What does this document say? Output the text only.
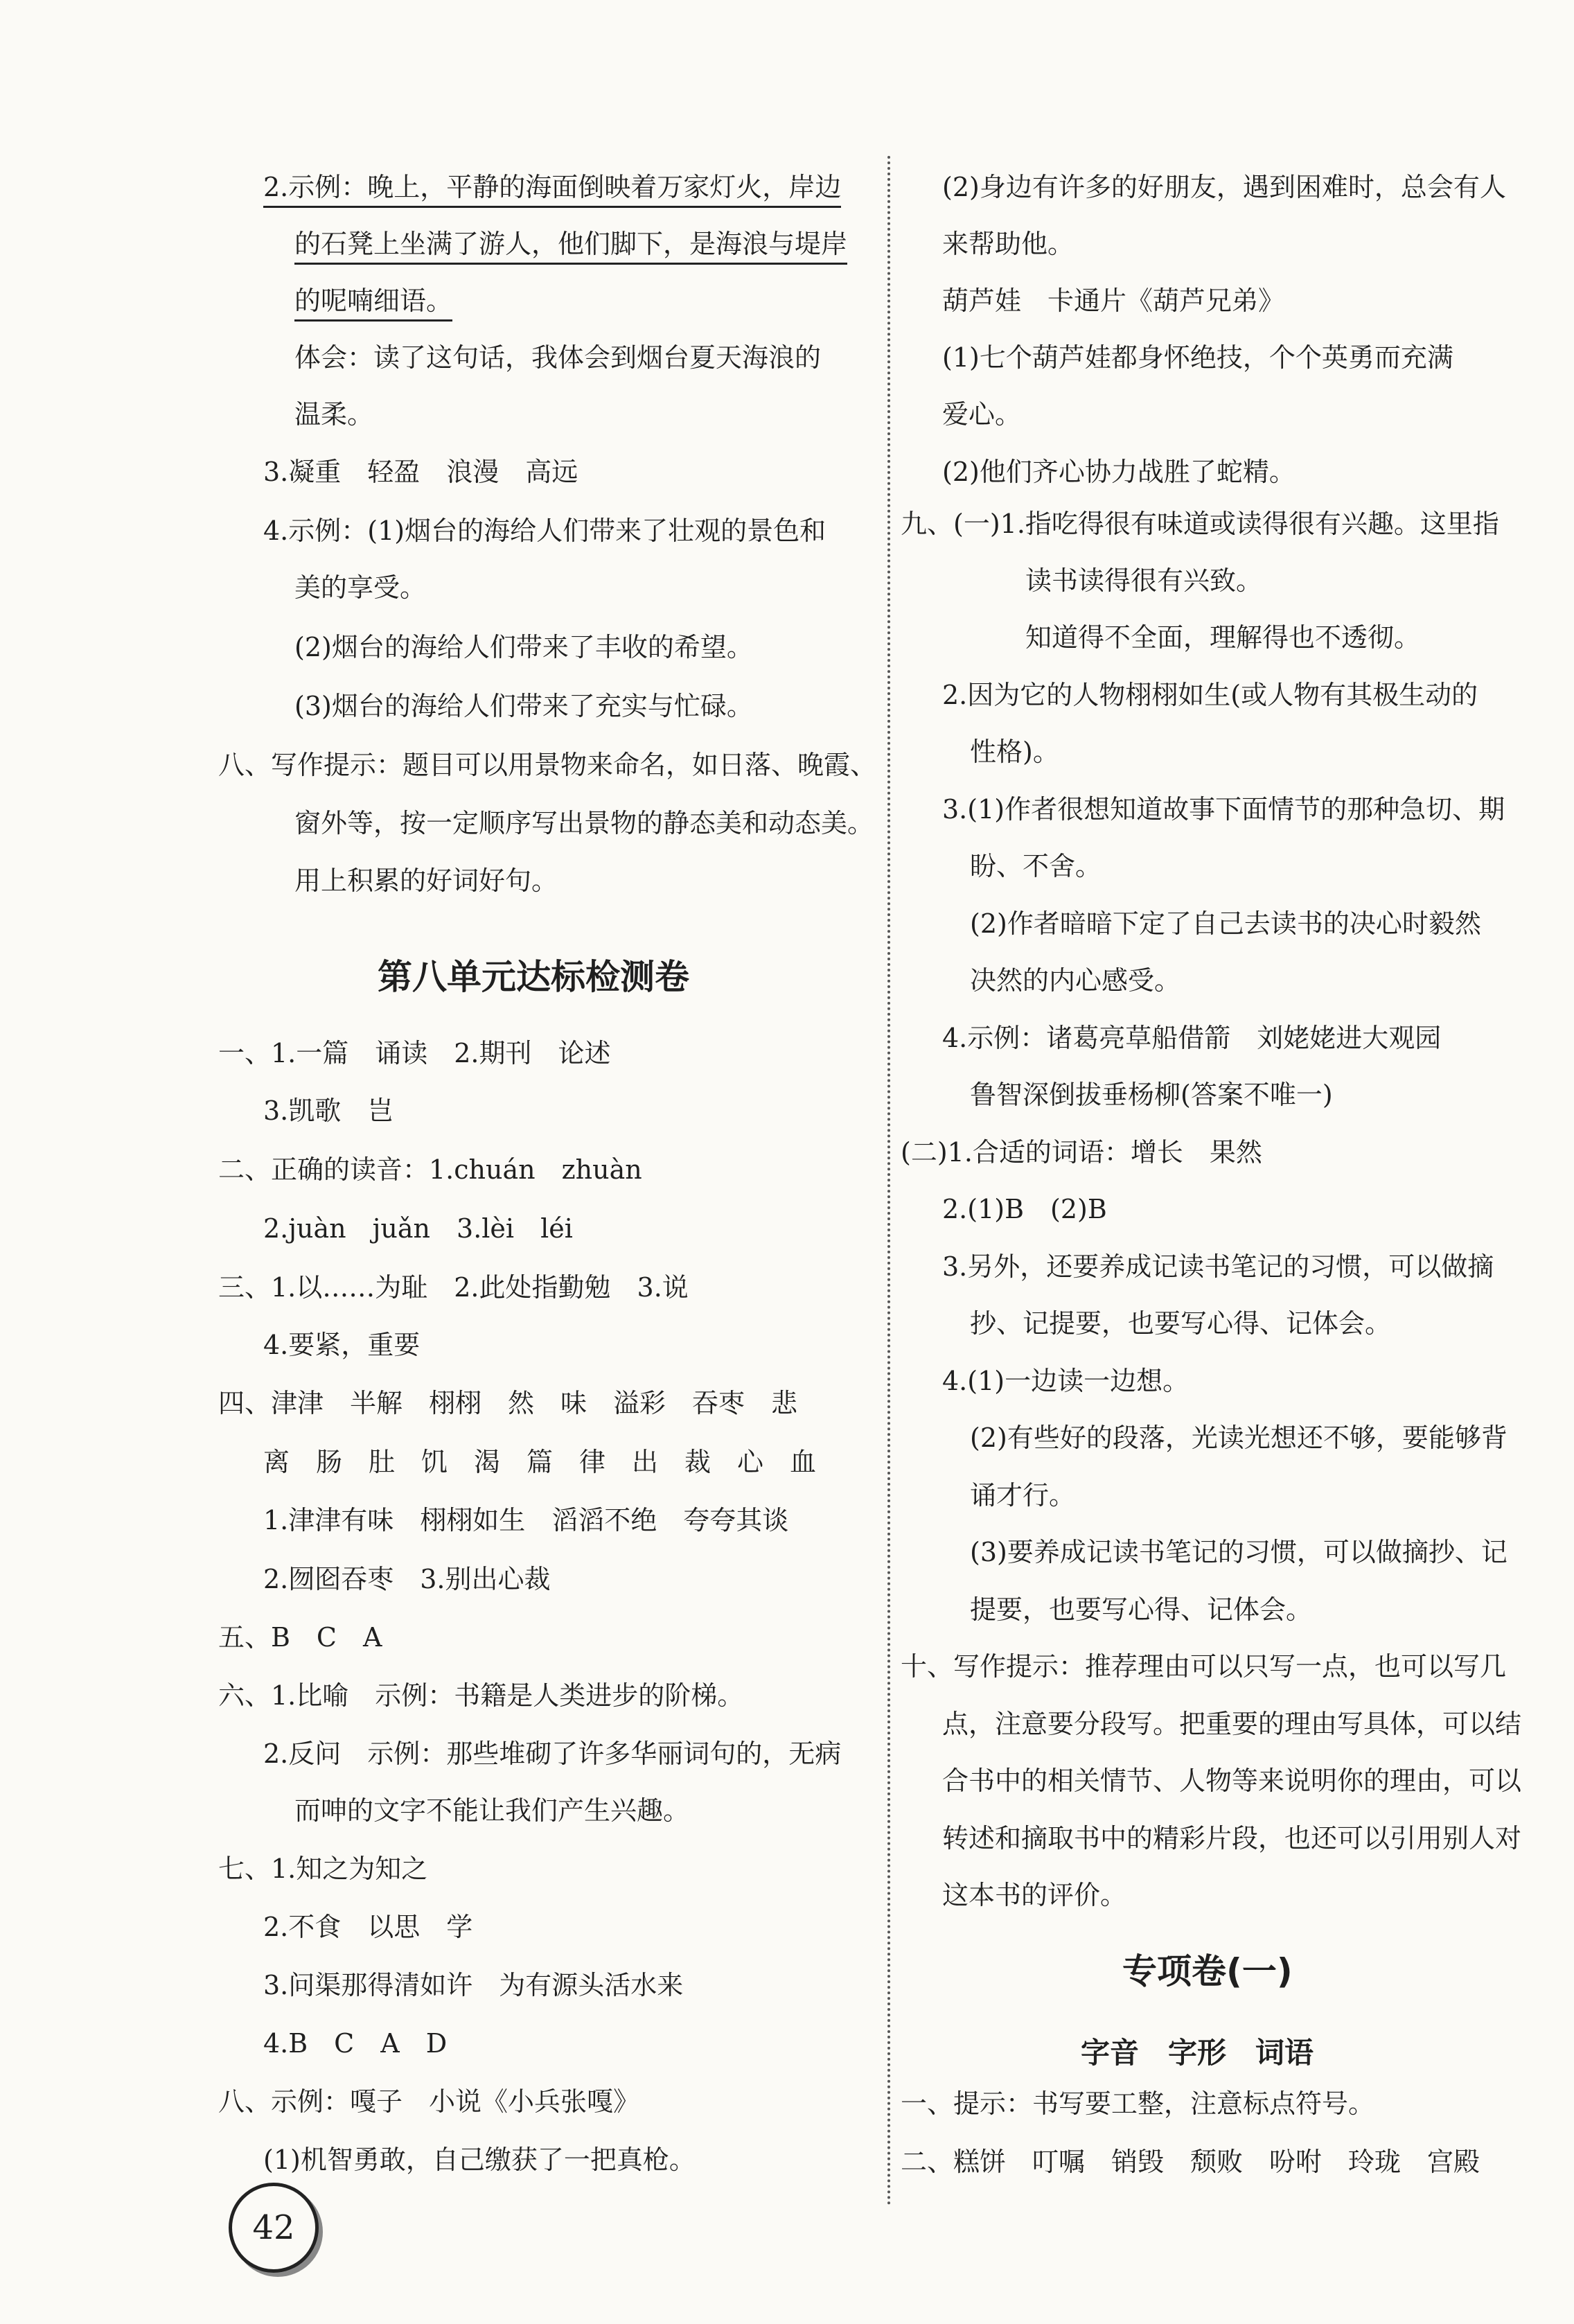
2.示例：晚上，平静的海面倒映着万家灯火，岸边
的石凳上坐满了游人，他们脚下，是海浪与堤岸
的呢喃细语。
体会：读了这句话，我体会到烟台夏天海浪的
温柔。
3.凝重　轻盈　浪漫　高远
4.示例：(1)烟台的海给人们带来了壮观的景色和
美的享受。
(2)烟台的海给人们带来了丰收的希望。
(3)烟台的海给人们带来了充实与忙碌。
八、写作提示：题目可以用景物来命名，如日落、晚霞、
窗外等，按一定顺序写出景物的静态美和动态美。
用上积累的好词好句。
第八单元达标检测卷
一、1.一篇　诵读　2.期刊　论述
3.凯歌　岂
二、正确的读音：1.chuán　zhuàn
2.juàn　juǎn　3.lèi　léi
三、1.以……为耻　2.此处指勤勉　3.说
4.要紧，重要
四、津津　半解　栩栩　然　味　溢彩　吞枣　悲
离　肠　肚　饥　渴　篇　律　出　裁　心　血
1.津津有味　栩栩如生　滔滔不绝　夸夸其谈
2.囫囵吞枣　3.别出心裁
五、B　C　A
六、1.比喻　示例：书籍是人类进步的阶梯。
2.反问　示例：那些堆砌了许多华丽词句的，无病
而呻的文字不能让我们产生兴趣。
七、1.知之为知之
2.不食　以思　学
3.问渠那得清如许　为有源头活水来
4.B　C　A　D
八、示例：嘎子　小说《小兵张嘎》
(1)机智勇敢，自己缴获了一把真枪。
42
(2)身边有许多的好朋友，遇到困难时，总会有人
来帮助他。
葫芦娃　卡通片《葫芦兄弟》
(1)七个葫芦娃都身怀绝技，个个英勇而充满
爱心。
(2)他们齐心协力战胜了蛇精。
九、(一)1.指吃得很有味道或读得很有兴趣。这里指
读书读得很有兴致。
知道得不全面，理解得也不透彻。
2.因为它的人物栩栩如生(或人物有其极生动的
性格)。
3.(1)作者很想知道故事下面情节的那种急切、期
盼、不舍。
(2)作者暗暗下定了自己去读书的决心时毅然
决然的内心感受。
4.示例：诸葛亮草船借箭　刘姥姥进大观园
鲁智深倒拔垂杨柳(答案不唯一)
(二)1.合适的词语：增长　果然
2.(1)B　(2)B
3.另外，还要养成记读书笔记的习惯，可以做摘
抄、记提要，也要写心得、记体会。
4.(1)一边读一边想。
(2)有些好的段落，光读光想还不够，要能够背
诵才行。
(3)要养成记读书笔记的习惯，可以做摘抄、记
提要，也要写心得、记体会。
十、写作提示：推荐理由可以只写一点，也可以写几
点，注意要分段写。把重要的理由写具体，可以结
合书中的相关情节、人物等来说明你的理由，可以
转述和摘取书中的精彩片段，也还可以引用别人对
这本书的评价。
专项卷(一)
字音　字形　词语
一、提示：书写要工整，注意标点符号。
二、糕饼　叮嘱　销毁　颓败　吩咐　玲珑　宫殿
